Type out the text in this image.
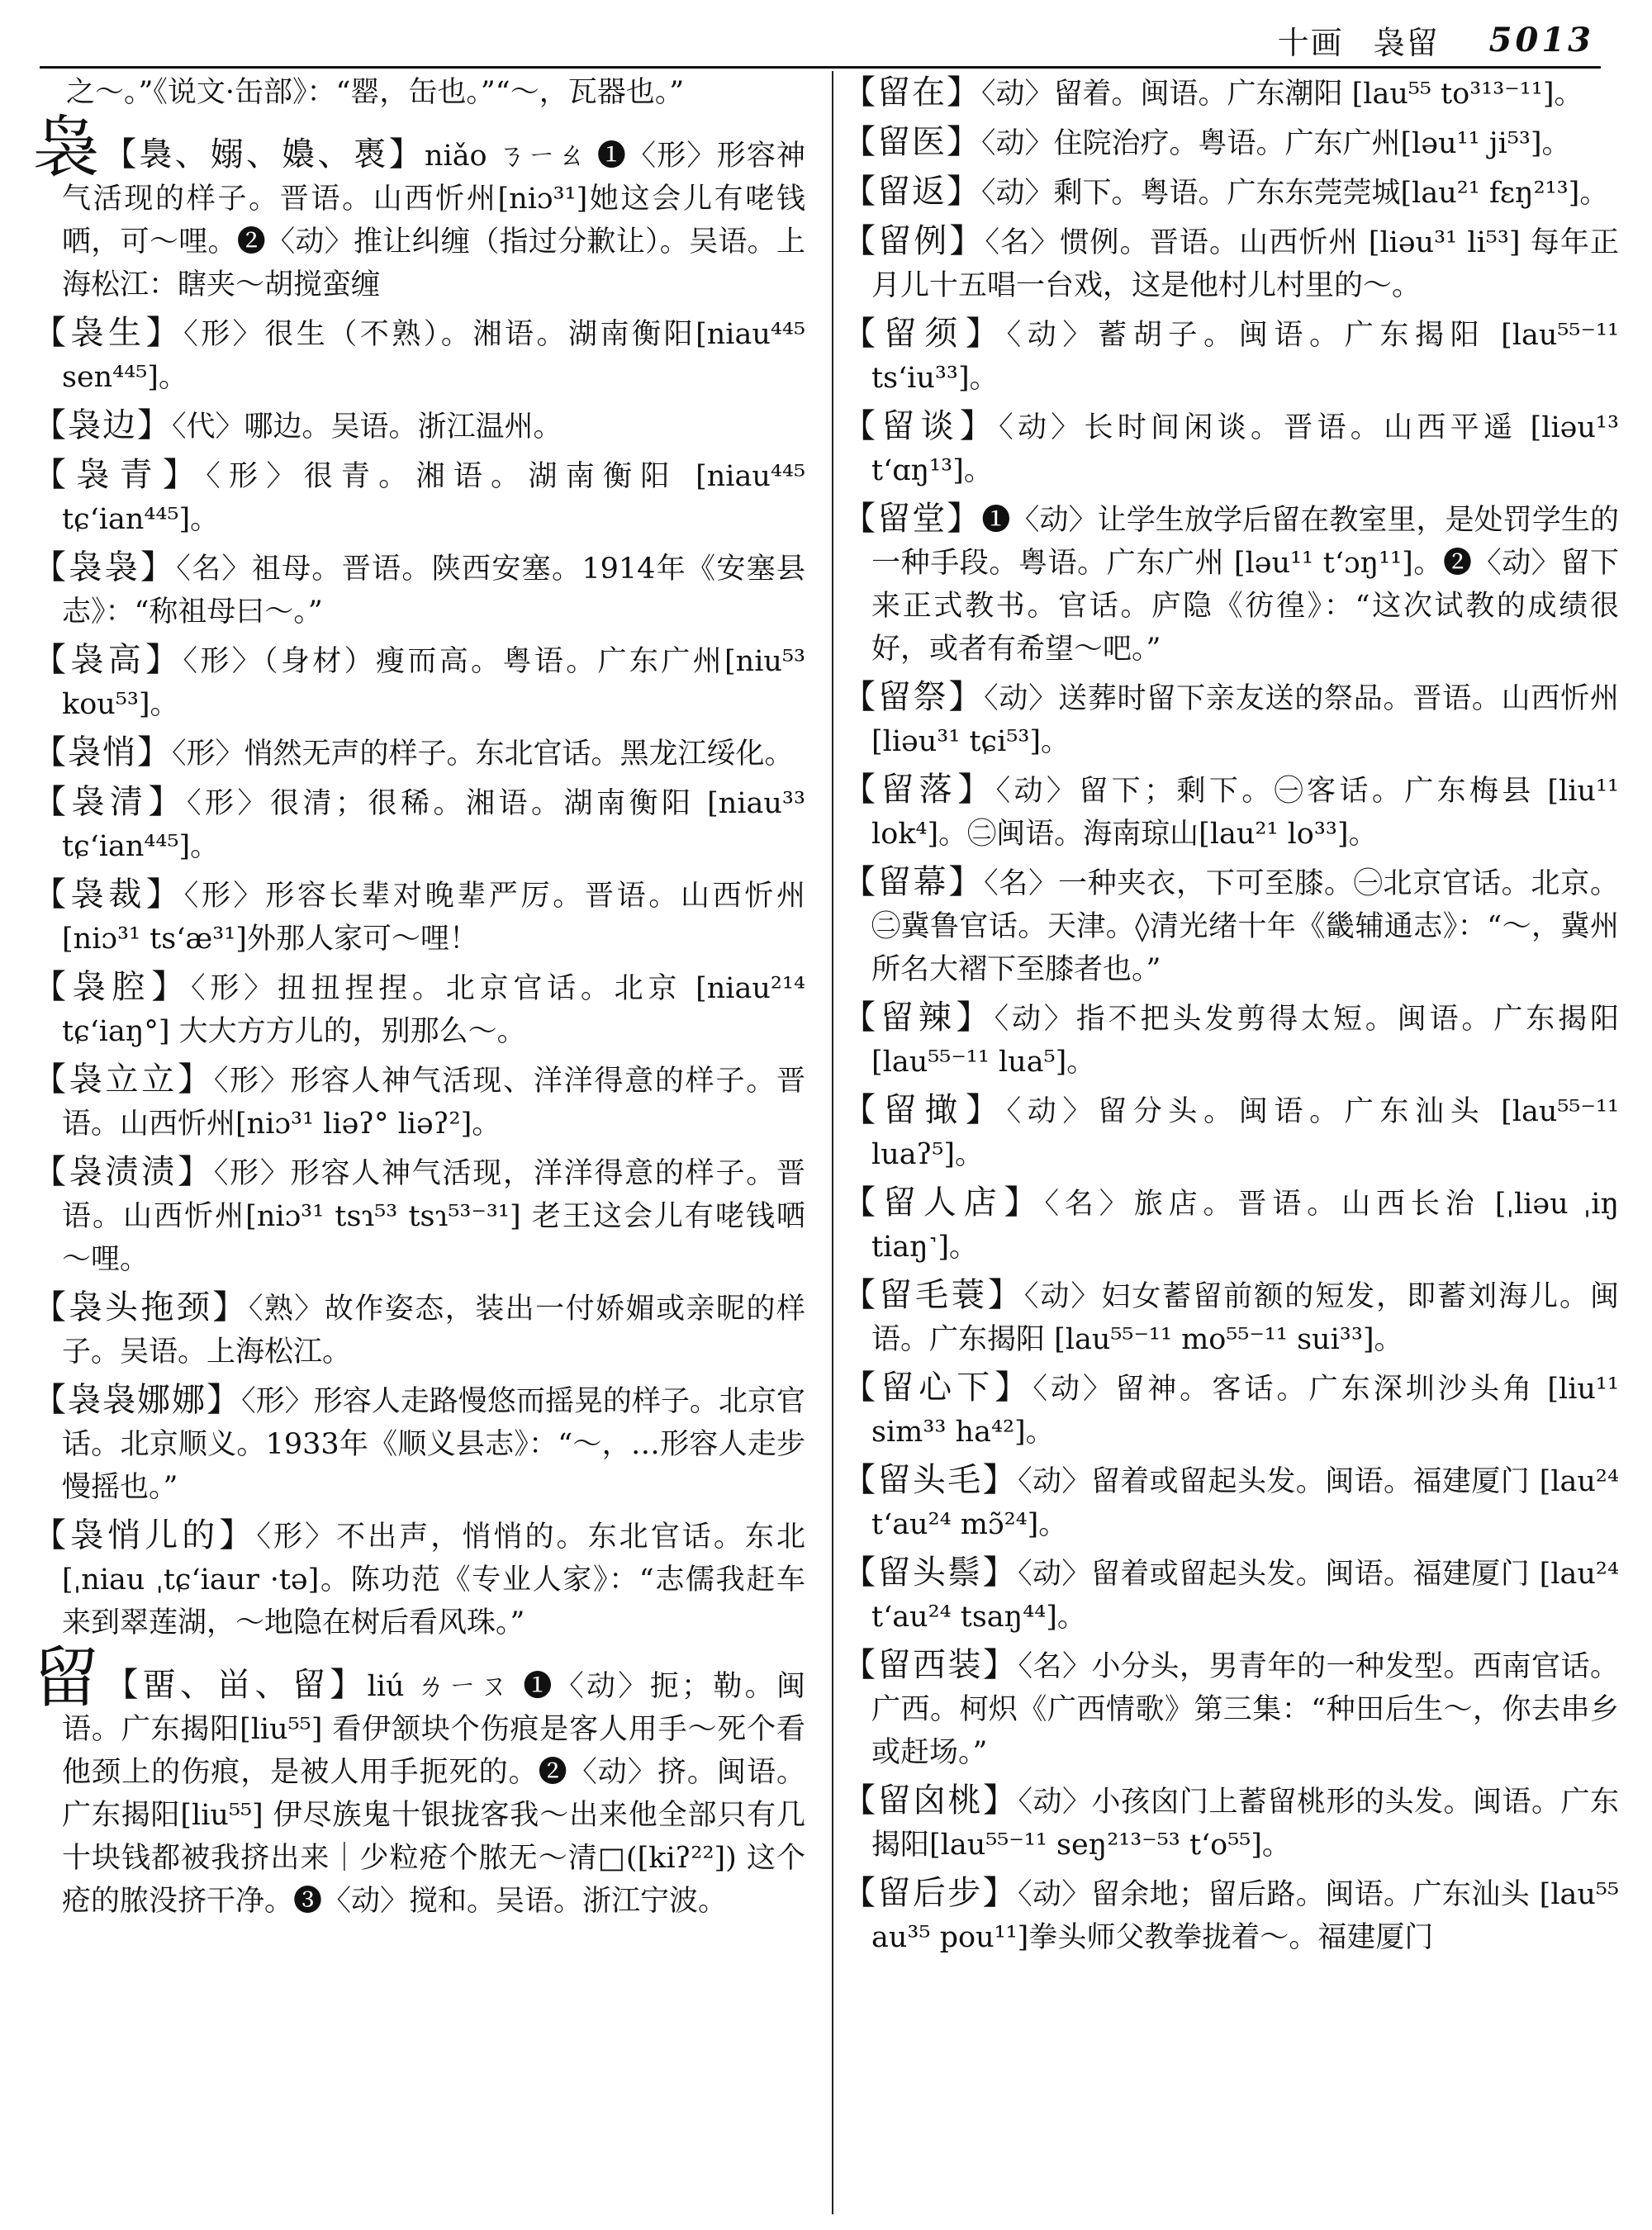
十画 袅留 5013

之～。”《说文·缶部》：“罂，缶也。”“～，瓦器也。”

袅 【裊、嫋、嬝、褭】niǎo ㄋㄧㄠ ❶〈形〉形容神气活现的样子。晋语。山西忻州[niɔ³¹]她这会儿有咾钱哂，可～哩。❷〈动〉推让纠缠（指过分歉让）。吴语。上海松江：瞎夹～胡搅蛮缠

【袅生】〈形〉很生（不熟）。湘语。湖南衡阳[niau⁴⁴⁵ sen⁴⁴⁵]。

【袅边】〈代〉哪边。吴语。浙江温州。

【袅青】〈形〉很青。湘语。湖南衡阳 [niau⁴⁴⁵ tɕʻian⁴⁴⁵]。

【袅袅】〈名〉祖母。晋语。陕西安塞。1914年《安塞县志》：“称祖母曰～。”

【袅高】〈形〉（身材）瘦而高。粤语。广东广州[niu⁵³ kou⁵³]。

【袅悄】〈形〉悄然无声的样子。东北官话。黑龙江绥化。

【袅清】〈形〉很清；很稀。湘语。湖南衡阳 [niau³³ tɕʻian⁴⁴⁵]。

【袅裁】〈形〉形容长辈对晚辈严厉。晋语。山西忻州[niɔ³¹ tsʻæ³¹]外那人家可～哩！

【袅腔】〈形〉扭扭捏捏。北京官话。北京 [niau²¹⁴ tɕʻiaŋ°] 大大方方儿的，别那么～。

【袅立立】〈形〉形容人神气活现、洋洋得意的样子。晋语。山西忻州[niɔ³¹ liəʔ° liəʔ²]。

【袅渍渍】〈形〉形容人神气活现，洋洋得意的样子。晋语。山西忻州[niɔ³¹ tsɿ⁵³ tsɿ⁵³⁻³¹] 老王这会儿有咾钱哂～哩。

【袅头拖颈】〈熟〉故作姿态，装出一付娇媚或亲昵的样子。吴语。上海松江。

【袅袅娜娜】〈形〉形容人走路慢悠而摇晃的样子。北京官话。北京顺义。1933年《顺义县志》：“～，…形容人走步慢摇也。”

【袅悄儿的】〈形〉不出声，悄悄的。东北官话。东北[ˌniau ˌtɕʻiaur ·tə]。陈功范《专业人家》：“志儒我赶车来到翠莲湖，～地隐在树后看风珠。”

留 【畱、畄、留】liú ㄌㄧㄡ ❶〈动〉扼；勒。闽语。广东揭阳[liu⁵⁵] 看伊颔块个伤痕是客人用手～死个看他颈上的伤痕，是被人用手扼死的。❷〈动〉挤。闽语。广东揭阳[liu⁵⁵] 伊尽族鬼十银拢客我～出来他全部只有几十块钱都被我挤出来｜少粒疮个脓无～清□([kiʔ²²]) 这个疮的脓没挤干净。❸〈动〉搅和。吴语。浙江宁波。

【留在】〈动〉留着。闽语。广东潮阳 [lau⁵⁵ to³¹³⁻¹¹]。

【留医】〈动〉住院治疗。粤语。广东广州[ləu¹¹ ji⁵³]。

【留返】〈动〉剩下。粤语。广东东莞莞城[lau²¹ fɛŋ²¹³]。

【留例】〈名〉惯例。晋语。山西忻州 [liəu³¹ li⁵³] 每年正月儿十五唱一台戏，这是他村儿村里的～。

【留须】〈动〉蓄胡子。闽语。广东揭阳 [lau⁵⁵⁻¹¹ tsʻiu³³]。

【留谈】〈动〉长时间闲谈。晋语。山西平遥 [liəu¹³ tʻɑŋ¹³]。

【留堂】❶〈动〉让学生放学后留在教室里，是处罚学生的一种手段。粤语。广东广州 [ləu¹¹ tʻɔŋ¹¹]。❷〈动〉留下来正式教书。官话。庐隐《彷徨》：“这次试教的成绩很好，或者有希望～吧。”

【留祭】〈动〉送葬时留下亲友送的祭品。晋语。山西忻州[liəu³¹ tɕi⁵³]。

【留落】〈动〉留下；剩下。㊀客话。广东梅县 [liu¹¹ lok⁴]。㊁闽语。海南琼山[lau²¹ lo³³]。

【留幕】〈名〉一种夹衣，下可至膝。㊀北京官话。北京。㊁冀鲁官话。天津。◊清光绪十年《畿辅通志》：“～，冀州所名大褶下至膝者也。”

【留辣】〈动〉指不把头发剪得太短。闽语。广东揭阳 [lau⁵⁵⁻¹¹ lua⁵]。

【留撖】〈动〉留分头。闽语。广东汕头 [lau⁵⁵⁻¹¹ luaʔ⁵]。

【留人店】〈名〉旅店。晋语。山西长治 [ˌliəu ˌiŋ tiaŋ˺]。

【留毛蓑】〈动〉妇女蓄留前额的短发，即蓄刘海儿。闽语。广东揭阳 [lau⁵⁵⁻¹¹ mo⁵⁵⁻¹¹ sui³³]。

【留心下】〈动〉留神。客话。广东深圳沙头角 [liu¹¹ sim³³ ha⁴²]。

【留头毛】〈动〉留着或留起头发。闽语。福建厦门 [lau²⁴ tʻau²⁴ mɔ̃²⁴]。

【留头鬃】〈动〉留着或留起头发。闽语。福建厦门 [lau²⁴ tʻau²⁴ tsaŋ⁴⁴]。

【留西装】〈名〉小分头，男青年的一种发型。西南官话。广西。柯炽《广西情歌》第三集：“种田后生～，你去串乡或赶场。”

【留囟桃】〈动〉小孩囟门上蓄留桃形的头发。闽语。广东揭阳[lau⁵⁵⁻¹¹ seŋ²¹³⁻⁵³ tʻo⁵⁵]。

【留后步】〈动〉留余地；留后路。闽语。广东汕头 [lau⁵⁵ au³⁵ pou¹¹]拳头师父教拳拢着～。福建厦门
